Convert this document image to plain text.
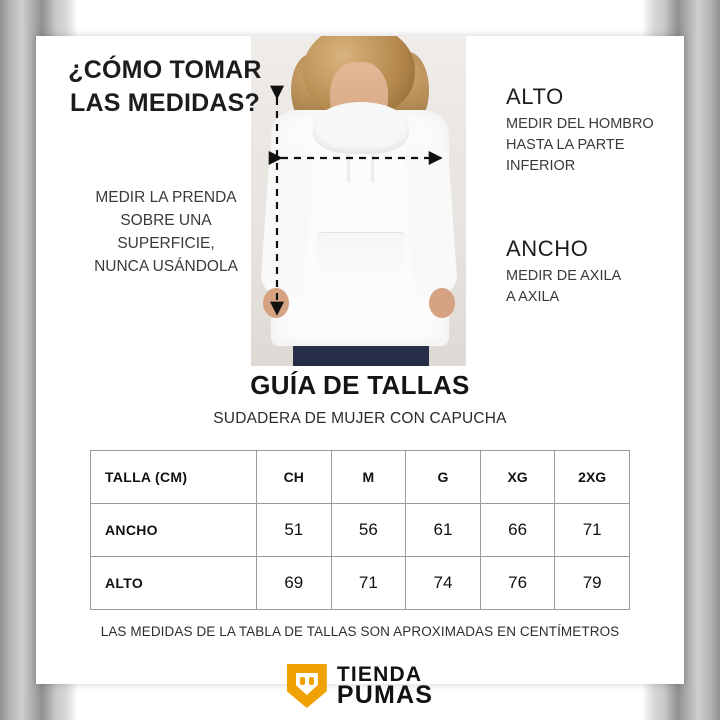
¿CÓMO TOMAR
LAS MEDIDAS?
MEDIR LA PRENDA
SOBRE UNA
SUPERFICIE,
NUNCA USÁNDOLA
ALTO
MEDIR DEL HOMBRO
HASTA LA PARTE
INFERIOR
ANCHO
MEDIR DE AXILA
A AXILA
GUÍA DE TALLAS
SUDADERA DE MUJER CON CAPUCHA
TALLA (CM)	CH	M	G	XG	2XG
ANCHO	51	56	61	66	71
ALTO	69	71	74	76	79
LAS MEDIDAS DE LA TABLA DE TALLAS SON APROXIMADAS EN CENTÍMETROS
TIENDA
PUMAS
